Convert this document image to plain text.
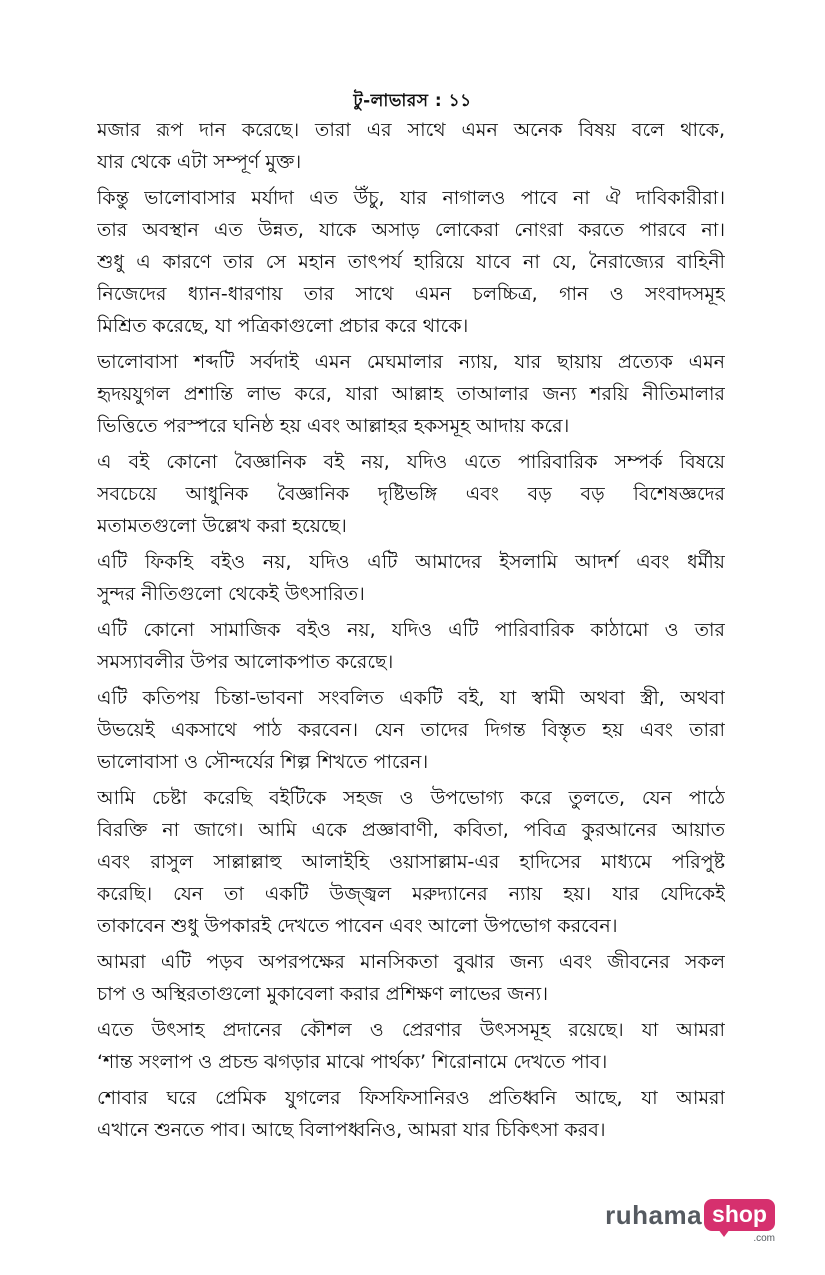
টু-লাভারস : ১১
মজার রূপ দান করেছে। তারা এর সাথে এমন অনেক বিষয় বলে থাকে,
যার থেকে এটা সম্পূর্ণ মুক্ত।
কিন্তু ভালোবাসার মর্যাদা এত উঁচু, যার নাগালও পাবে না ঐ দাবিকারীরা।
তার অবস্থান এত উন্নত, যাকে অসাড় লোকেরা নোংরা করতে পারবে না।
শুধু এ কারণে তার সে মহান তাৎপর্য হারিয়ে যাবে না যে, নৈরাজ্যের বাহিনী
নিজেদের ধ্যান-ধারণায় তার সাথে এমন চলচ্চিত্র, গান ও সংবাদসমূহ
মিশ্রিত করেছে, যা পত্রিকাগুলো প্রচার করে থাকে।
ভালোবাসা শব্দটি সর্বদাই এমন মেঘমালার ন্যায়, যার ছায়ায় প্রত্যেক এমন
হৃদয়যুগল প্রশান্তি লাভ করে, যারা আল্লাহ তাআলার জন্য শরয়ি নীতিমালার
ভিত্তিতে পরস্পরে ঘনিষ্ঠ হয় এবং আল্লাহর হকসমূহ আদায় করে।
এ বই কোনো বৈজ্ঞানিক বই নয়, যদিও এতে পারিবারিক সম্পর্ক বিষয়ে
সবচেয়ে আধুনিক বৈজ্ঞানিক দৃষ্টিভঙ্গি এবং বড় বড় বিশেষজ্ঞদের
মতামতগুলো উল্লেখ করা হয়েছে।
এটি ফিকহি বইও নয়, যদিও এটি আমাদের ইসলামি আদর্শ এবং ধর্মীয়
সুন্দর নীতিগুলো থেকেই উৎসারিত।
এটি কোনো সামাজিক বইও নয়, যদিও এটি পারিবারিক কাঠামো ও তার
সমস্যাবলীর উপর আলোকপাত করেছে।
এটি কতিপয় চিন্তা-ভাবনা সংবলিত একটি বই, যা স্বামী অথবা স্ত্রী, অথবা
উভয়েই একসাথে পাঠ করবেন। যেন তাদের দিগন্ত বিস্তৃত হয় এবং তারা
ভালোবাসা ও সৌন্দর্যের শিল্প শিখতে পারেন।
আমি চেষ্টা করেছি বইটিকে সহজ ও উপভোগ্য করে তুলতে, যেন পাঠে
বিরক্তি না জাগে। আমি একে প্রজ্ঞাবাণী, কবিতা, পবিত্র কুরআনের আয়াত
এবং রাসুল সাল্লাল্লাহু আলাইহি ওয়াসাল্লাম-এর হাদিসের মাধ্যমে পরিপুষ্ট
করেছি। যেন তা একটি উজ্জ্বল মরুদ্যানের ন্যায় হয়। যার যেদিকেই
তাকাবেন শুধু উপকারই দেখতে পাবেন এবং আলো উপভোগ করবেন।
আমরা এটি পড়ব অপরপক্ষের মানসিকতা বুঝার জন্য এবং জীবনের সকল
চাপ ও অস্থিরতাগুলো মুকাবেলা করার প্রশিক্ষণ লাভের জন্য।
এতে উৎসাহ প্রদানের কৌশল ও প্রেরণার উৎসসমূহ রয়েছে। যা আমরা
‘শান্ত সংলাপ ও প্রচন্ড ঝগড়ার মাঝে পার্থক্য’ শিরোনামে দেখতে পাব।
শোবার ঘরে প্রেমিক যুগলের ফিসফিসানিরও প্রতিধ্বনি আছে, যা আমরা
এখানে শুনতে পাব। আছে বিলাপধ্বনিও, আমরা যার চিকিৎসা করব।
ruhama shop
.com
